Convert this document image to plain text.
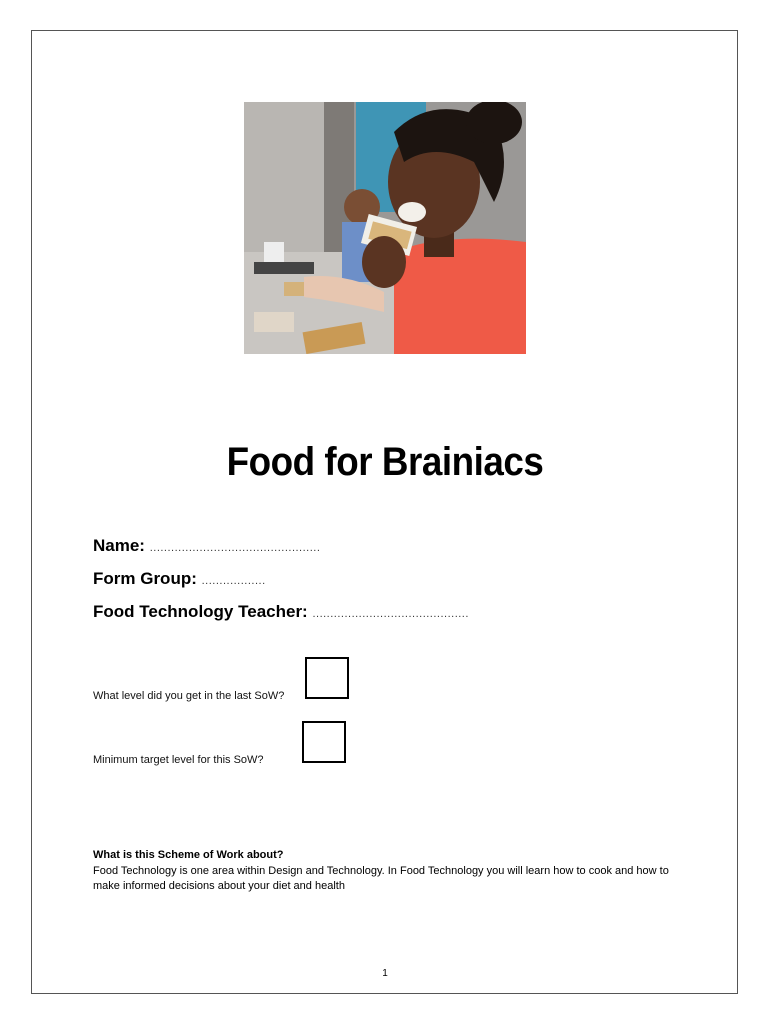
Food for Brainiacs
Name: ................................................
Form Group: ..................
Food Technology Teacher: ............................................
What level did you get in the last SoW?
Minimum target level for this SoW?
What is this Scheme of Work about?
Food Technology is one area within Design and Technology. In Food Technology you will learn how to cook and how to make informed decisions about your diet and health
1
